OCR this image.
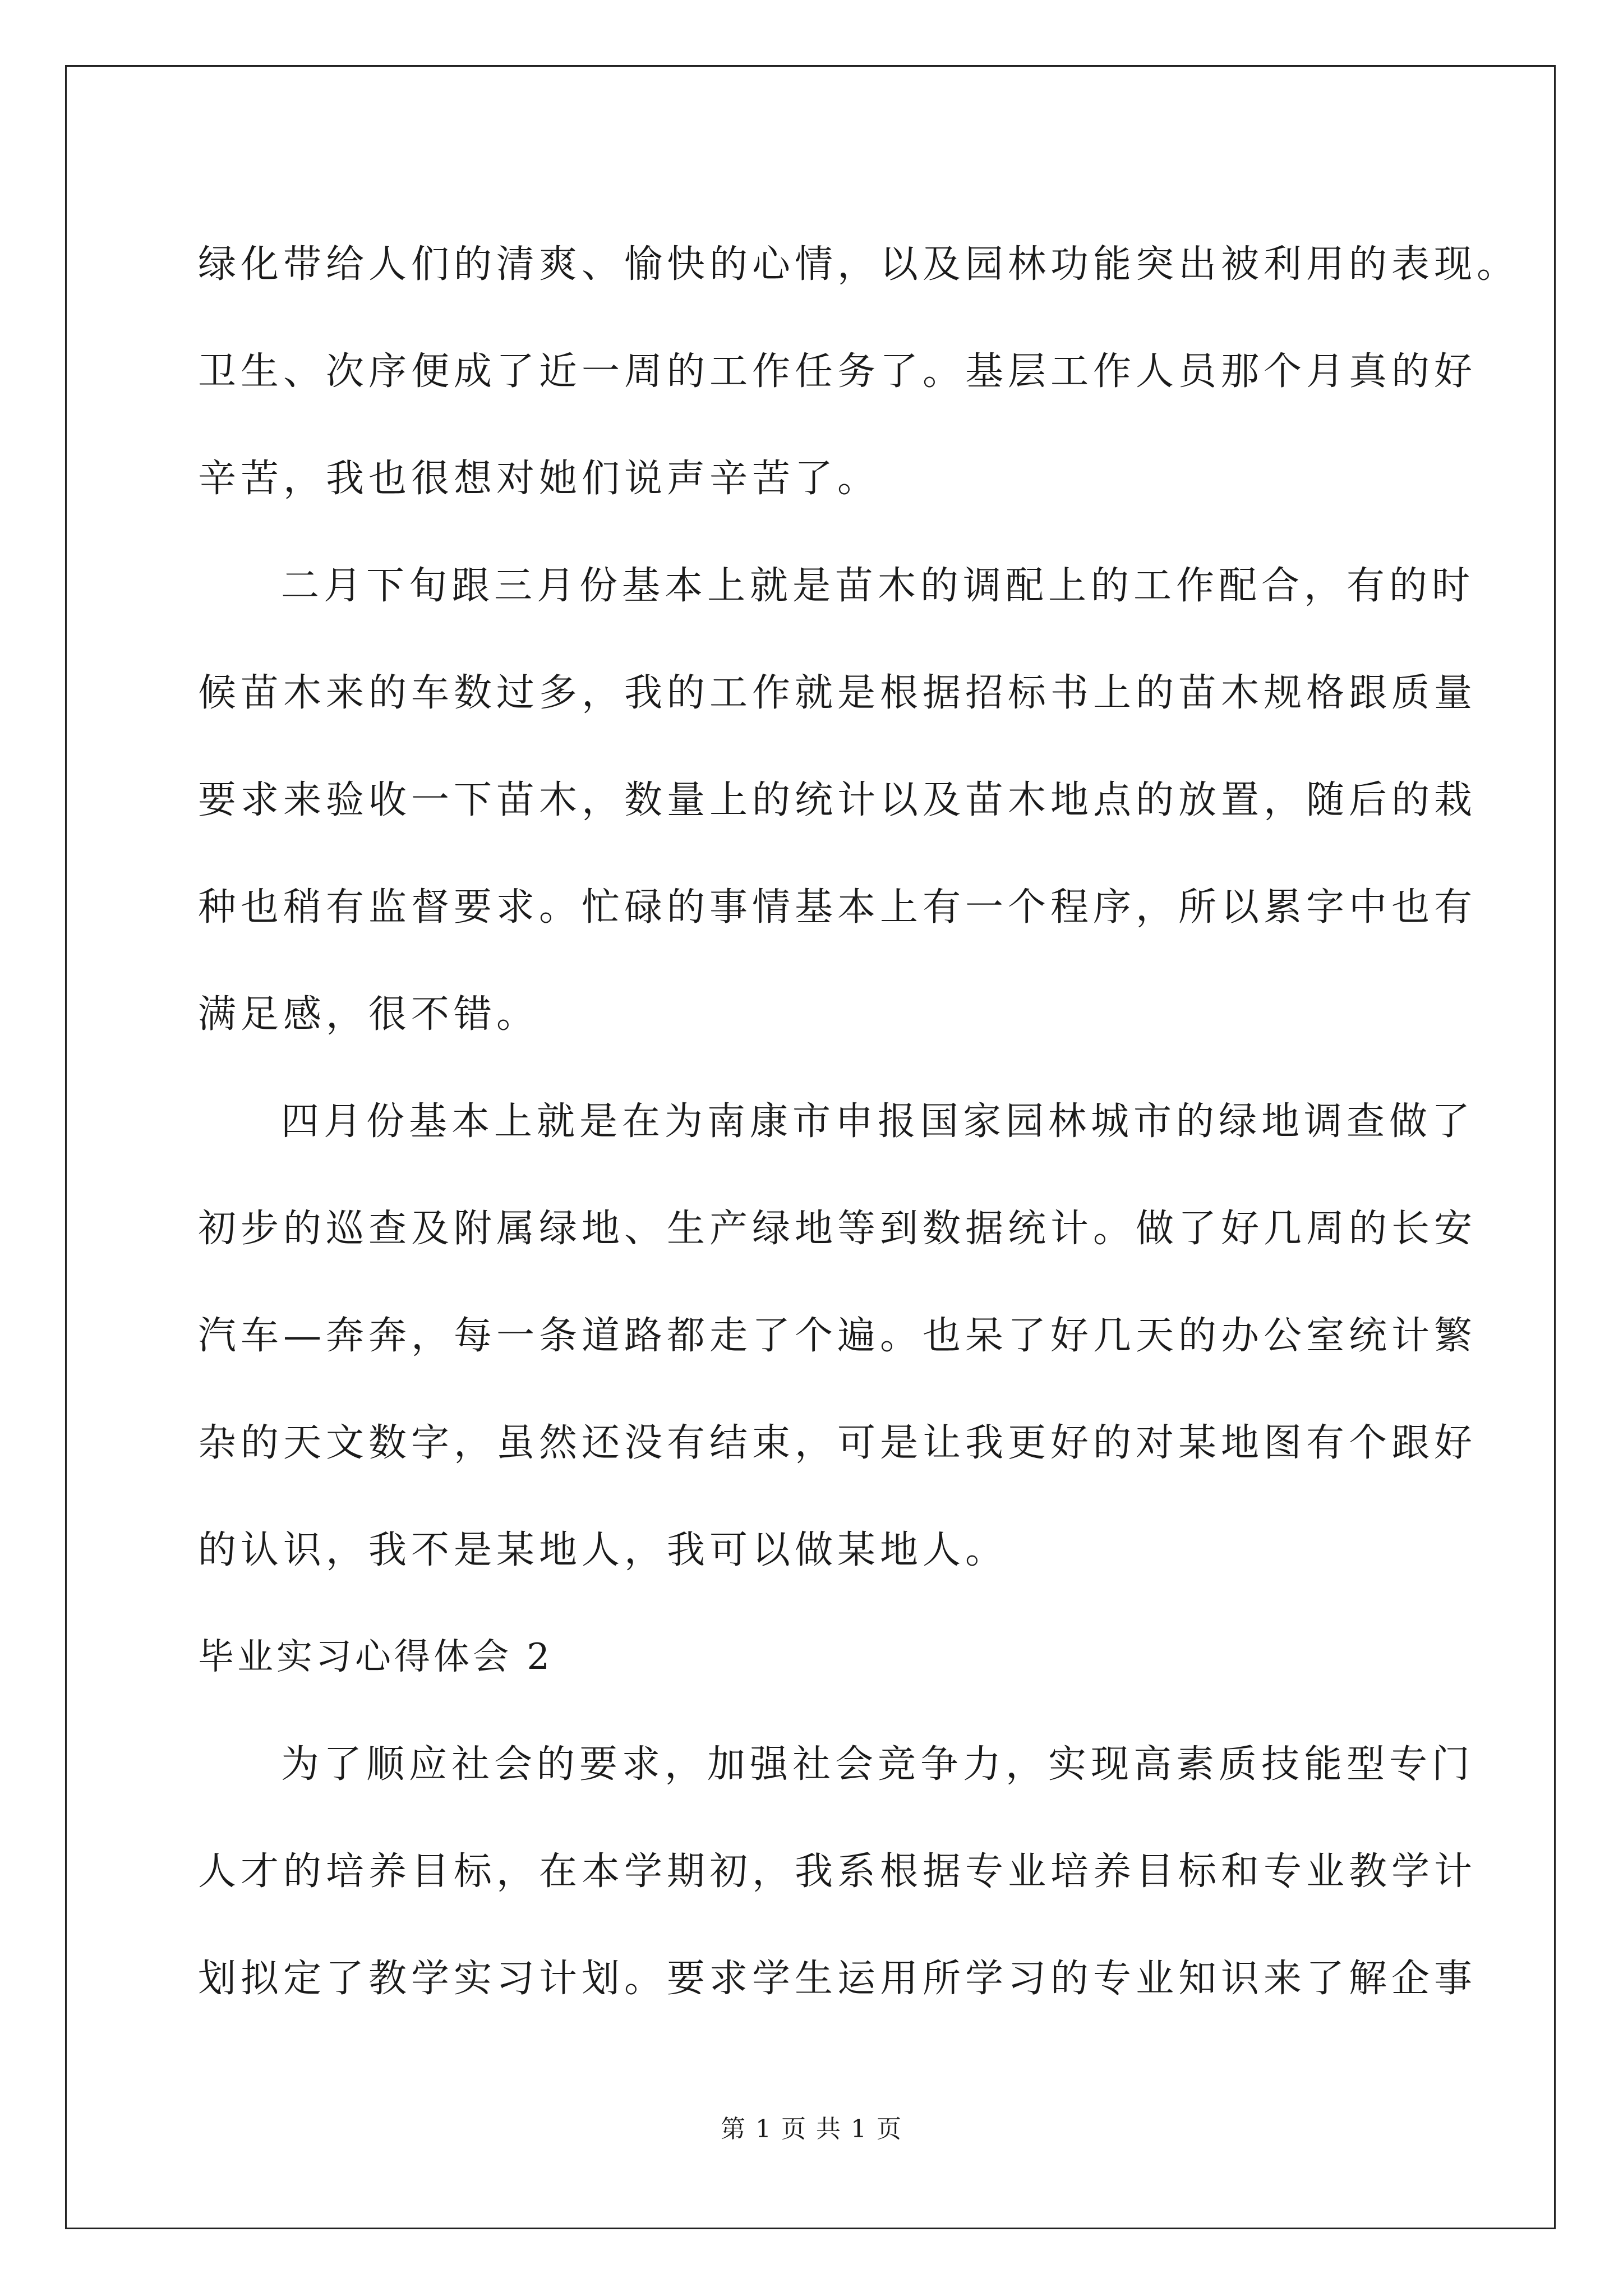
绿化带给人们的清爽、愉快的心情，以及园林功能突出被利用的表现。
卫生、次序便成了近一周的工作任务了。基层工作人员那个月真的好
辛苦，我也很想对她们说声辛苦了。
二月下旬跟三月份基本上就是苗木的调配上的工作配合，有的时
候苗木来的车数过多，我的工作就是根据招标书上的苗木规格跟质量
要求来验收一下苗木，数量上的统计以及苗木地点的放置，随后的栽
种也稍有监督要求。忙碌的事情基本上有一个程序，所以累字中也有
满足感，很不错。
四月份基本上就是在为南康市申报国家园林城市的绿地调查做了
初步的巡查及附属绿地、生产绿地等到数据统计。做了好几周的长安
汽车—奔奔，每一条道路都走了个遍。也呆了好几天的办公室统计繁
杂的天文数字，虽然还没有结束，可是让我更好的对某地图有个跟好
的认识，我不是某地人，我可以做某地人。
毕业实习心得体会 2
为了顺应社会的要求，加强社会竞争力，实现高素质技能型专门
人才的培养目标，在本学期初，我系根据专业培养目标和专业教学计
划拟定了教学实习计划。要求学生运用所学习的专业知识来了解企事
第 1 页 共 1 页
